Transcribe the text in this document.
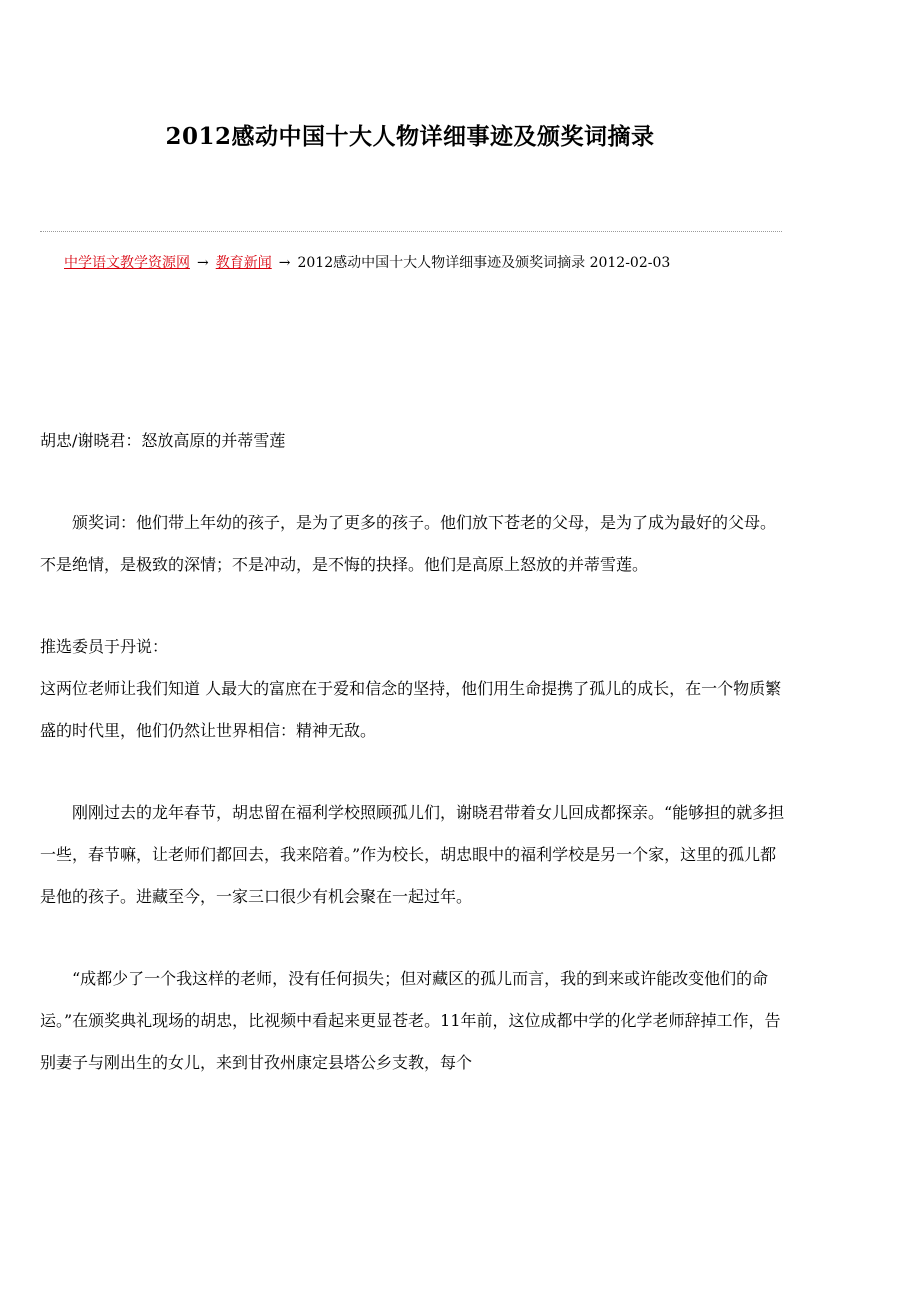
2012感动中国十大人物详细事迹及颁奖词摘录
中学语文教学资源网 → 教育新闻 → 2012感动中国十大人物详细事迹及颁奖词摘录 2012-02-03

胡忠/谢晓君：怒放高原的并蒂雪莲

颁奖词：他们带上年幼的孩子，是为了更多的孩子。他们放下苍老的父母，是为了成为最好的父母。不是绝情，是极致的深情；不是冲动，是不悔的抉择。他们是高原上怒放的并蒂雪莲。

推选委员于丹说：

这两位老师让我们知道 人最大的富庶在于爱和信念的坚持，他们用生命提携了孤儿的成长，在一个物质繁盛的时代里，他们仍然让世界相信：精神无敌。

刚刚过去的龙年春节，胡忠留在福利学校照顾孤儿们，谢晓君带着女儿回成都探亲。“能够担的就多担一些，春节嘛，让老师们都回去，我来陪着。”作为校长，胡忠眼中的福利学校是另一个家，这里的孤儿都是他的孩子。进藏至今，一家三口很少有机会聚在一起过年。

“成都少了一个我这样的老师，没有任何损失；但对藏区的孤儿而言，我的到来或许能改变他们的命运。”在颁奖典礼现场的胡忠，比视频中看起来更显苍老。11年前，这位成都中学的化学老师辞掉工作，告别妻子与刚出生的女儿，来到甘孜州康定县塔公乡支教，每个
